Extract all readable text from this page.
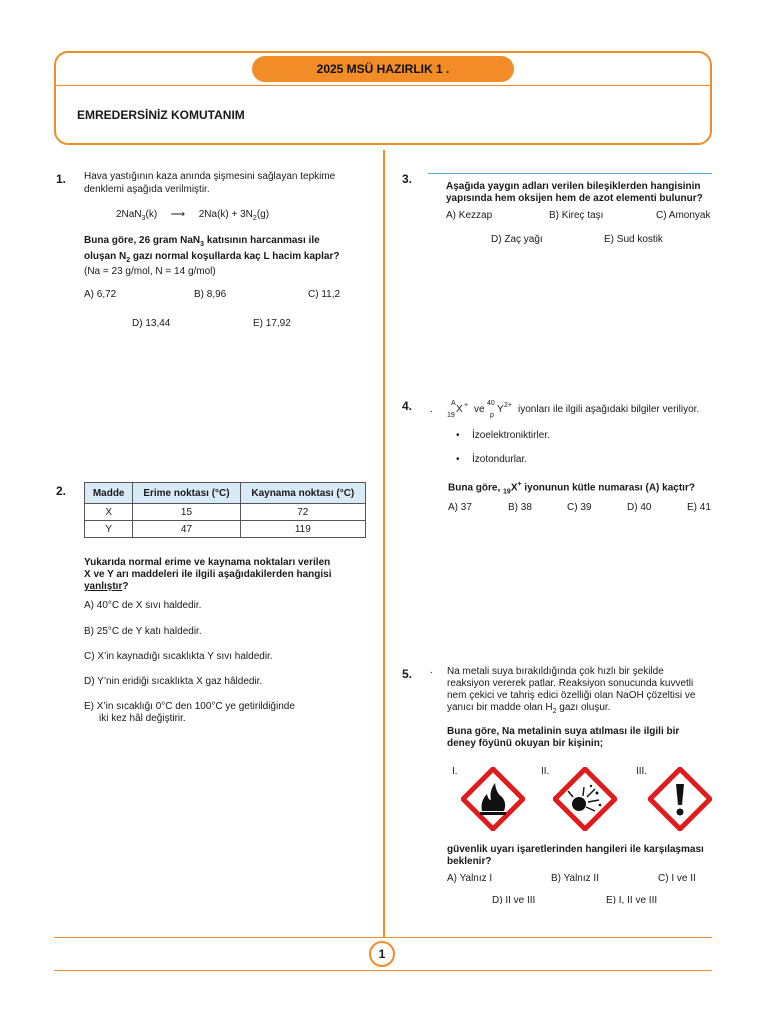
2025 MSÜ HAZIRLIK 1 .
EMREDERSİNİZ KOMUTANIM
1. Hava yastığının kaza anında şişmesini sağlayan tepkime
denklemi aşağıda verilmiştir.
2NaN$_3$(k) ⟶ $2Na(k) + 3N_2(g)$
Buna göre, 26 gram NaN$_3$ katısının harcanması ile
oluşan $N_2$ gazı normal koşullarda kaç L hacim kaplar?
(Na = 23 g/mol, N = 14 g/mol)
A) 6,72	B) 8,96	C) 11,2
D) 13,44	E) 17,92
2.	Madde	Erime noktası (°C)	Kaynama noktası (°C)
X	15	72
Y	47	119
Yukarıda normal erime ve kaynama noktaları verilen
X ve Y arı maddeleri ile ilgili aşağıdakilerden hangisi
yanlıştır?
A) 40°C de X sıvı haldedir.
B) 25°C de Y katı haldedir.
C) X’in kaynadığı sıcaklıkta Y sıvı haldedir.
D) Y’nin eridiği sıcaklıkta X gaz hâldedir.
E) X’in sıcaklığı 0°C den 100°C ye getirildiğinde
iki kez hâl değiştirir.
3.
Aşağıda yaygın adları verilen bileşiklerden hangisinin
yapısında hem oksijen hem de azot elementi bulunur?
A) Kezzap	B) Kireç taşı	C) Amonyak
D) Zaç yağı	E) Sud kostik
4. .
A
19
X + ve
40
p
Y 2+ iyonları ile ilgili aşağıdaki bilgiler veriliyor.
• İzoelektroniktirler.
• İzotondurlar.
Buna göre, $_{19}$X+ iyonunun kütle numarası (A) kaçtır?
A) 37	B) 38	C) 39	D) 40	E) 41
5. . Na metali suya bırakıldığında çok hızlı bir şekilde
reaksiyon vererek patlar. Reaksiyon sonucunda kuvvetli
nem çekici ve tahriş edici özelliği olan NaOH çözeltisi ve
yanıcı bir madde olan $H_2$ gazı oluşur.
Buna göre, Na metalinin suya atılması ile ilgili bir
deney föyünü okuyan bir kişinin;
I.	II.	III.
güvenlik uyarı işaretlerinden hangileri ile karşılaşması
beklenir?
A) Yalnız I	B) Yalnız II	C) I ve II
D) II ve III	E) I, II ve III
1
